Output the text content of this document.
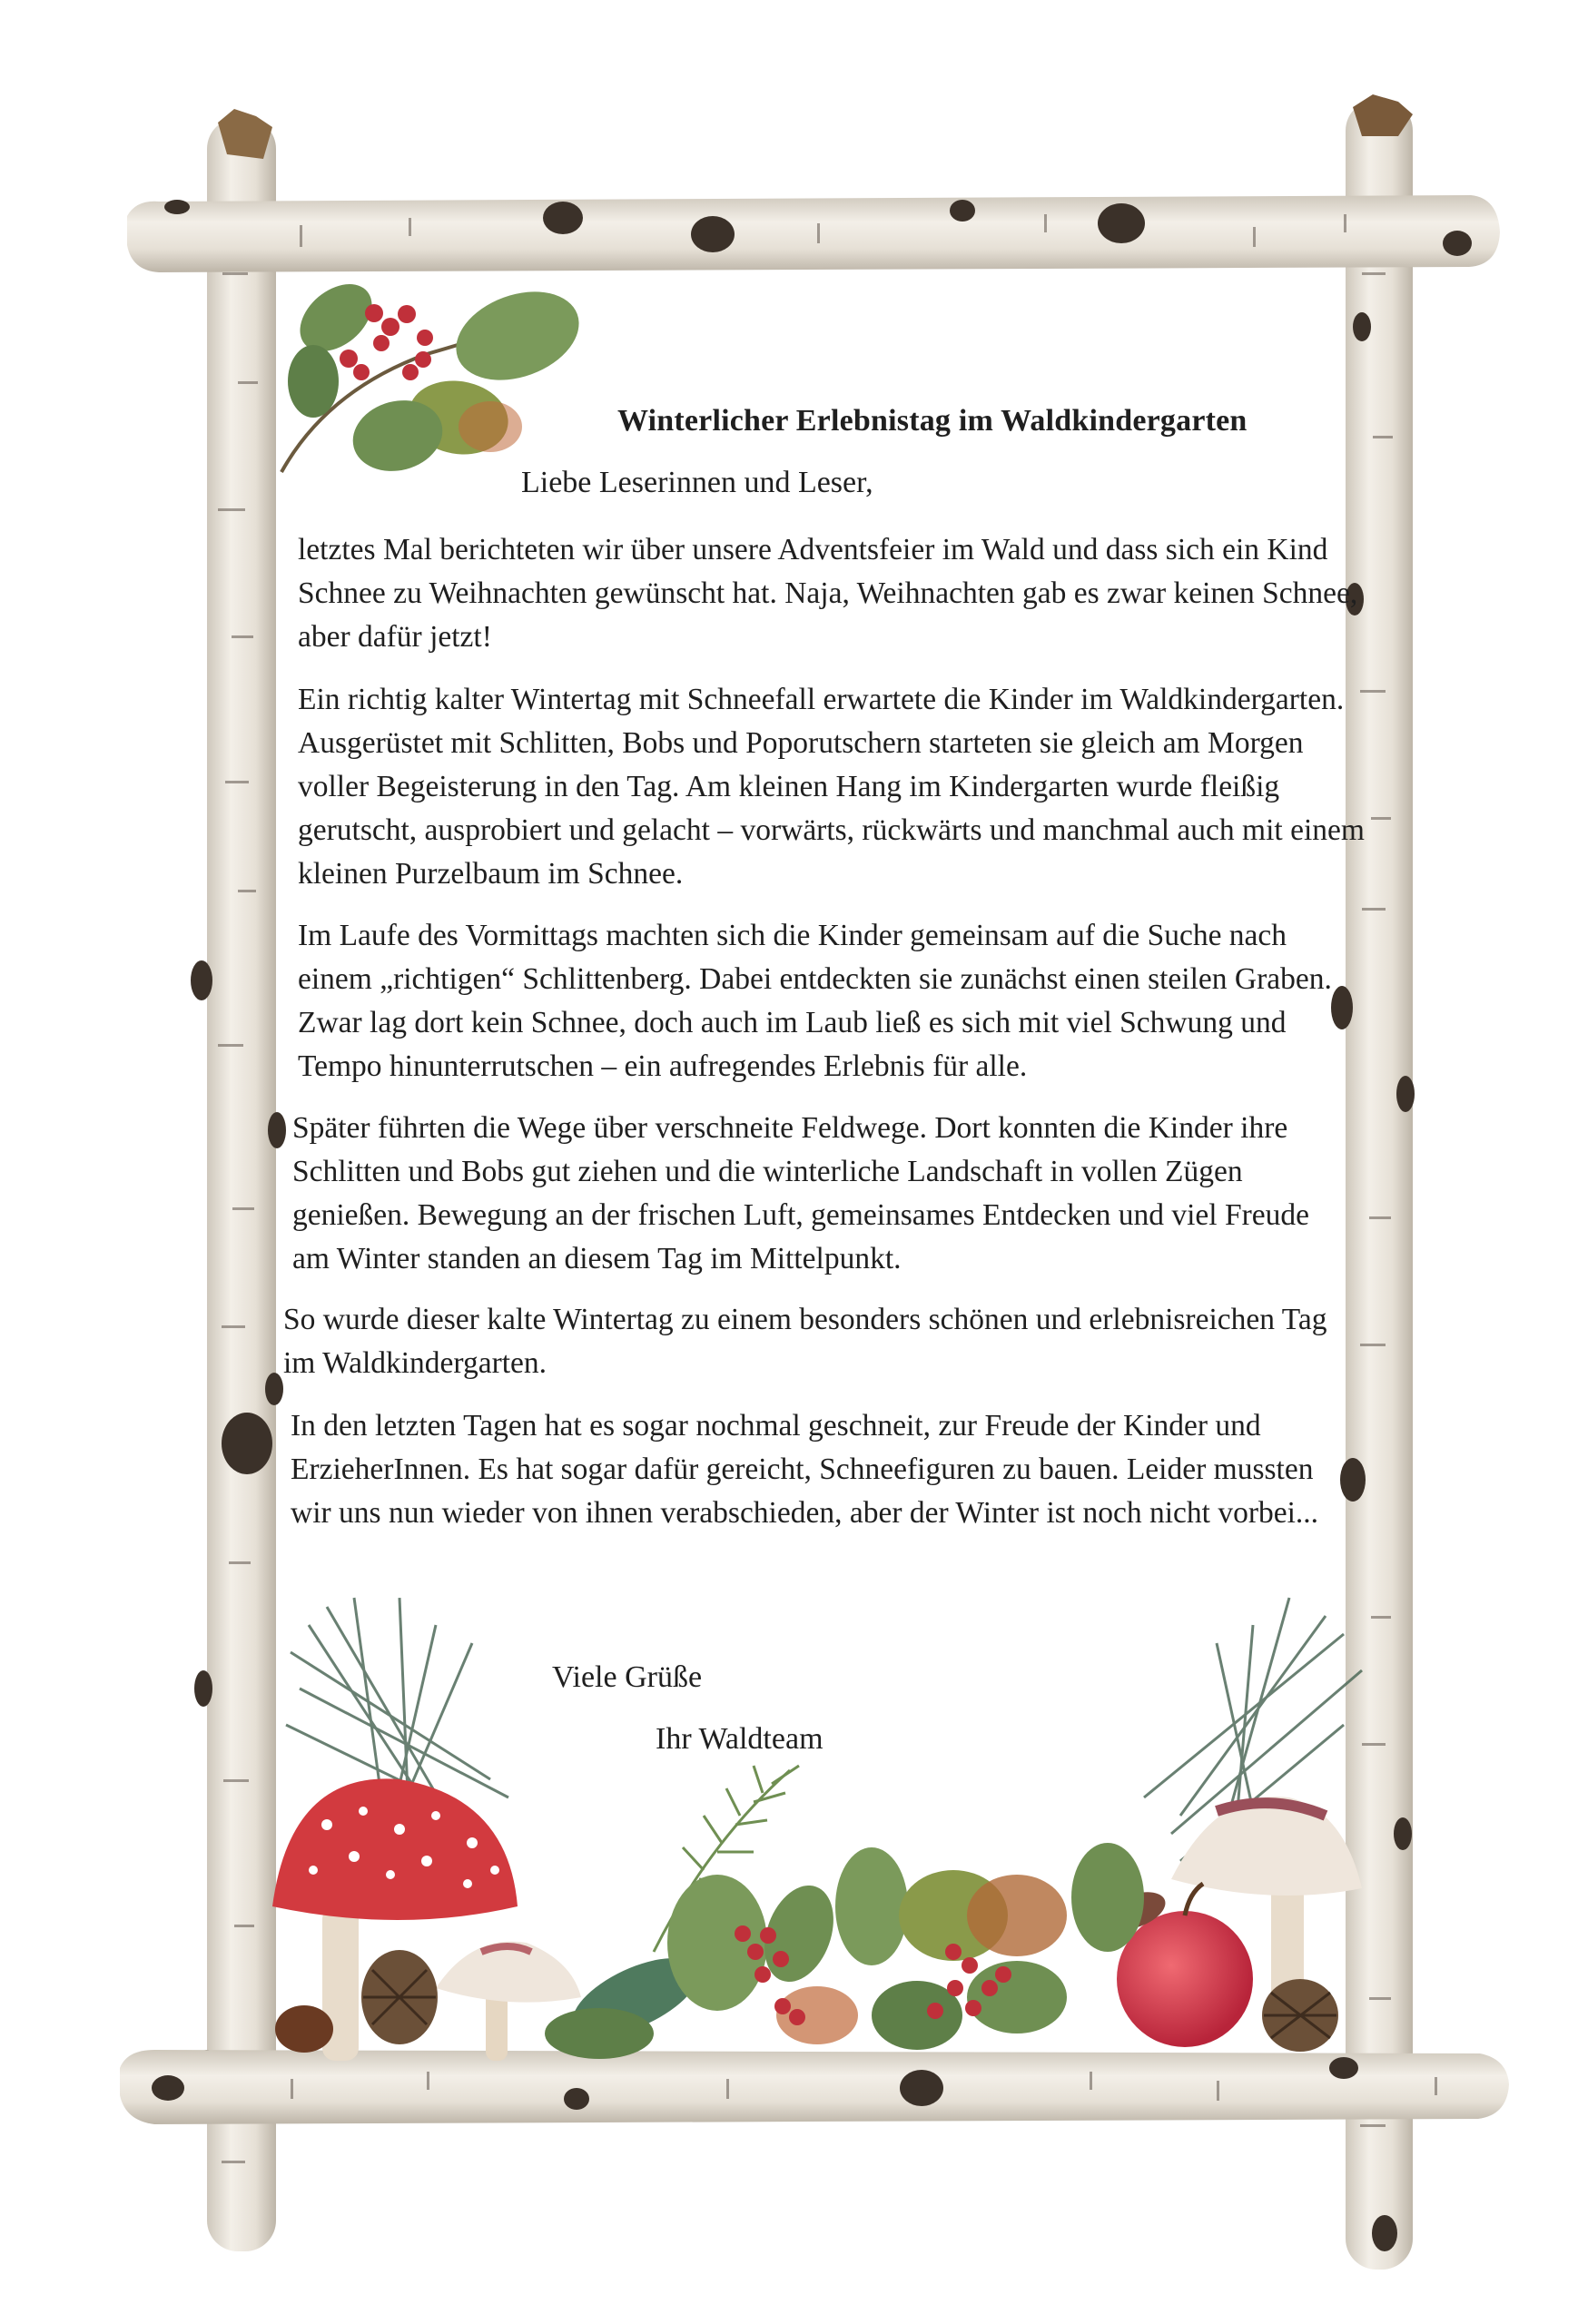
Winterlicher Erlebnistag im Waldkindergarten
Liebe Leserinnen und Leser,

letztes Mal berichteten wir über unsere Adventsfeier im Wald und dass sich ein Kind Schnee zu Weihnachten gewünscht hat. Naja, Weihnachten gab es zwar keinen Schnee, aber dafür jetzt!

Ein richtig kalter Wintertag mit Schneefall erwartete die Kinder im Waldkindergarten. Ausgerüstet mit Schlitten, Bobs und Poporutschern starteten sie gleich am Morgen voller Begeisterung in den Tag. Am kleinen Hang im Kindergarten wurde fleißig gerutscht, ausprobiert und gelacht – vorwärts, rückwärts und manchmal auch mit einem kleinen Purzelbaum im Schnee.

Im Laufe des Vormittags machten sich die Kinder gemeinsam auf die Suche nach einem „richtigen“ Schlittenberg. Dabei entdeckten sie zunächst einen steilen Graben. Zwar lag dort kein Schnee, doch auch im Laub ließ es sich mit viel Schwung und Tempo hinunterrutschen – ein aufregendes Erlebnis für alle.

Später führten die Wege über verschneite Feldwege. Dort konnten die Kinder ihre Schlitten und Bobs gut ziehen und die winterliche Landschaft in vollen Zügen genießen. Bewegung an der frischen Luft, gemeinsames Entdecken und viel Freude am Winter standen an diesem Tag im Mittelpunkt.

So wurde dieser kalte Wintertag zu einem besonders schönen und erlebnisreichen Tag im Waldkindergarten.

In den letzten Tagen hat es sogar nochmal geschneit, zur Freude der Kinder und ErzieherInnen. Es hat sogar dafür gereicht, Schneefiguren zu bauen. Leider mussten wir uns nun wieder von ihnen verabschieden, aber der Winter ist noch nicht vorbei...

Viele Grüße
Ihr Waldteam
